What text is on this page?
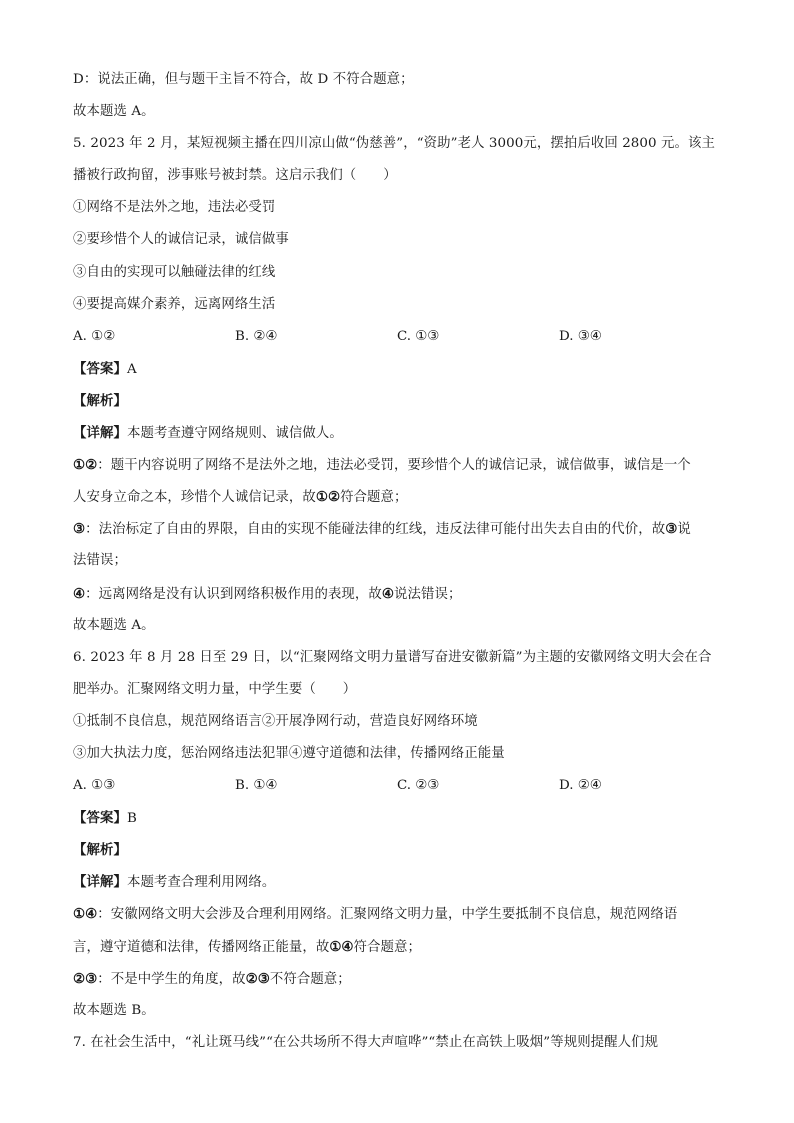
D：说法正确，但与题干主旨不符合，故 D 不符合题意；
故本题选 A。
5. 2023 年 2 月，某短视频主播在四川凉山做“伪慈善”，“资助”老人 3000元，摆拍后收回 2800 元。该主
播被行政拘留，涉事账号被封禁。这启示我们（　　）
①网络不是法外之地，违法必受罚
②要珍惜个人的诚信记录，诚信做事
③自由的实现可以触碰法律的红线
④要提高媒介素养，远离网络生活
A. ①②	B. ②④	C. ①③	D. ③④
【答案】A
【解析】
【详解】本题考查遵守网络规则、诚信做人。
①②：题干内容说明了网络不是法外之地，违法必受罚，要珍惜个人的诚信记录，诚信做事，诚信是一个
人安身立命之本，珍惜个人诚信记录，故①②符合题意；
③：法治标定了自由的界限，自由的实现不能碰法律的红线，违反法律可能付出失去自由的代价，故③说
法错误；
④：远离网络是没有认识到网络积极作用的表现，故④说法错误；
故本题选 A。
6. 2023 年 8 月 28 日至 29 日，以“汇聚网络文明力量谱写奋进安徽新篇”为主题的安徽网络文明大会在合
肥举办。汇聚网络文明力量，中学生要（　　）
①抵制不良信息，规范网络语言②开展净网行动，营造良好网络环境
③加大执法力度，惩治网络违法犯罪④遵守道德和法律，传播网络正能量
A. ①③	B. ①④	C. ②③	D. ②④
【答案】B
【解析】
【详解】本题考查合理利用网络。
①④：安徽网络文明大会涉及合理利用网络。汇聚网络文明力量，中学生要抵制不良信息，规范网络语
言，遵守道德和法律，传播网络正能量，故①④符合题意；
②③：不是中学生的角度，故②③不符合题意；
故本题选 B。
7. 在社会生活中，“礼让斑马线”“在公共场所不得大声喧哗”“禁止在高铁上吸烟”等规则提醒人们规
